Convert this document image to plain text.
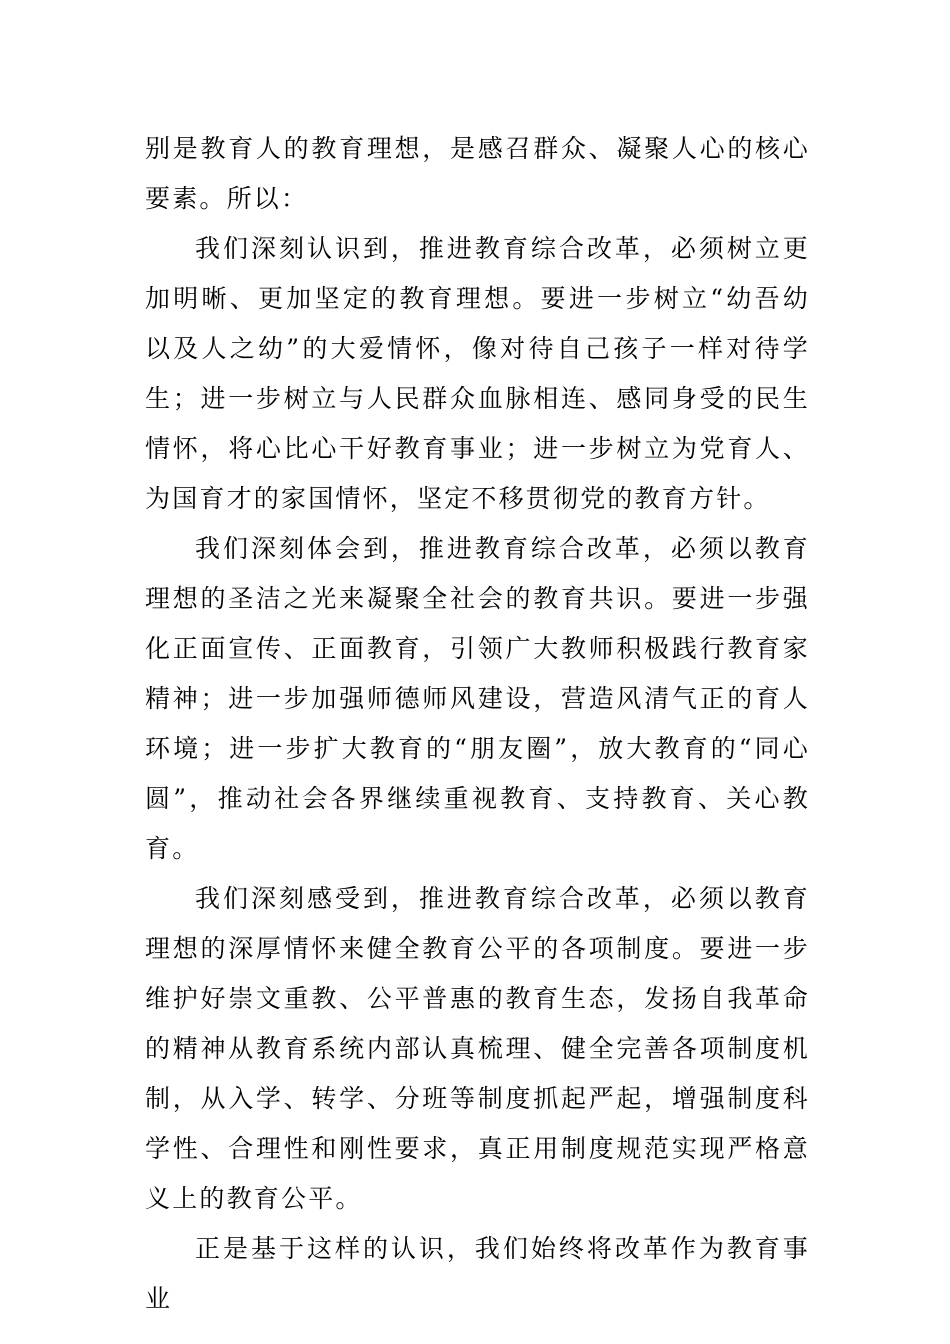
别是教育人的教育理想，是感召群众、凝聚人心的核心要素。所以：

我们深刻认识到，推进教育综合改革，必须树立更加明晰、更加坚定的教育理想。要进一步树立“幼吾幼以及人之幼”的大爱情怀，像对待自己孩子一样对待学生；进一步树立与人民群众血脉相连、感同身受的民生情怀，将心比心干好教育事业；进一步树立为党育人、为国育才的家国情怀，坚定不移贯彻党的教育方针。

我们深刻体会到，推进教育综合改革，必须以教育理想的圣洁之光来凝聚全社会的教育共识。要进一步强化正面宣传、正面教育，引领广大教师积极践行教育家精神；进一步加强师德师风建设，营造风清气正的育人环境；进一步扩大教育的“朋友圈”，放大教育的“同心圆”，推动社会各界继续重视教育、支持教育、关心教育。

我们深刻感受到，推进教育综合改革，必须以教育理想的深厚情怀来健全教育公平的各项制度。要进一步维护好崇文重教、公平普惠的教育生态，发扬自我革命的精神从教育系统内部认真梳理、健全完善各项制度机制，从入学、转学、分班等制度抓起严起，增强制度科学性、合理性和刚性要求，真正用制度规范实现严格意义上的教育公平。

正是基于这样的认识，我们始终将改革作为教育事业
